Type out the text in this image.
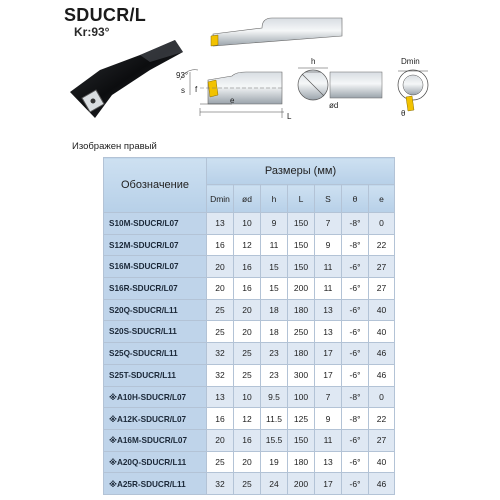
SDUCR/L
Kr:93°
93°
s f
e
L
h
ød
Dmin
θ
Изображен правый
Обозначение	Размеры (мм)						
	Dmin	ød	h	L	S	θ	e
S10M-SDUCR/L07	13	10	9	150	7	-8°	0
S12M-SDUCR/L07	16	12	11	150	9	-8°	22
S16M-SDUCR/L07	20	16	15	150	11	-6°	27
S16R-SDUCR/L07	20	16	15	200	11	-6°	27
S20Q-SDUCR/L11	25	20	18	180	13	-6°	40
S20S-SDUCR/L11	25	20	18	250	13	-6°	40
S25Q-SDUCR/L11	32	25	23	180	17	-6°	46
S25T-SDUCR/L11	32	25	23	300	17	-6°	46
※A10H-SDUCR/L07	13	10	9.5	100	7	-8°	0
※A12K-SDUCR/L07	16	12	11.5	125	9	-8°	22
※A16M-SDUCR/L07	20	16	15.5	150	11	-6°	27
※A20Q-SDUCR/L11	25	20	19	180	13	-6°	40
※A25R-SDUCR/L11	32	25	24	200	17	-6°	46
